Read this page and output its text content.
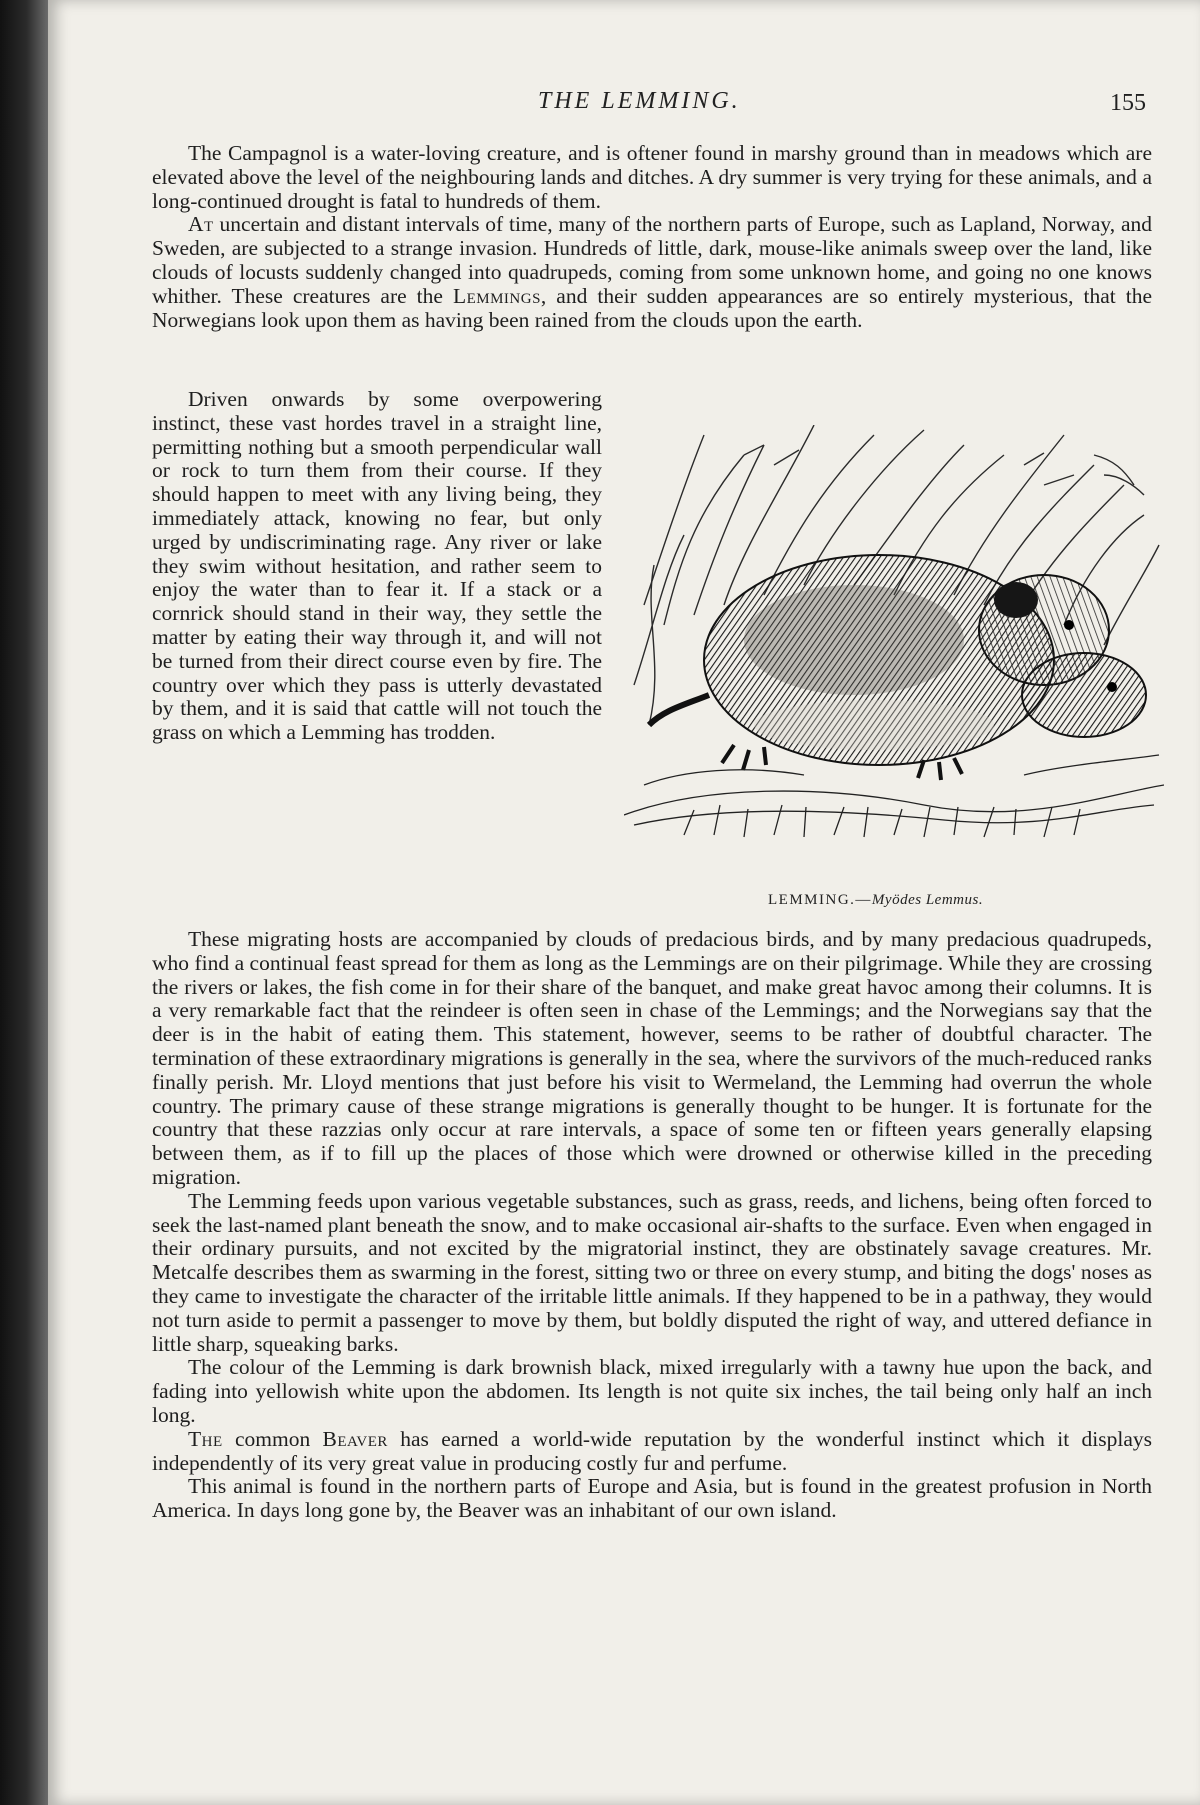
THE LEMMING.	155

The Campagnol is a water-loving creature, and is oftener found in marshy ground than in meadows which are elevated above the level of the neighbouring lands and ditches. A dry summer is very trying for these animals, and a long-continued drought is fatal to hundreds of them.

At uncertain and distant intervals of time, many of the northern parts of Europe, such as Lapland, Norway, and Sweden, are subjected to a strange invasion. Hundreds of little, dark, mouse-like animals sweep over the land, like clouds of locusts suddenly changed into quadrupeds, coming from some unknown home, and going no one knows whither. These creatures are the Lemmings, and their sudden appearances are so entirely mysterious, that the Norwegians look upon them as having been rained from the clouds upon the earth.

Driven onwards by some overpowering instinct, these vast hordes travel in a straight line, permitting nothing but a smooth perpendicular wall or rock to turn them from their course. If they should happen to meet with any living being, they immediately attack, knowing no fear, but only urged by undiscriminating rage. Any river or lake they swim without hesitation, and rather seem to enjoy the water than to fear it. If a stack or a cornrick should stand in their way, they settle the matter by eating their way through it, and will not be turned from their direct course even by fire. The country over which they pass is utterly devastated by them, and it is said that cattle will not touch the grass on which a Lemming has trodden.

LEMMING.—Myödes Lemmus.

These migrating hosts are accompanied by clouds of predacious birds, and by many predacious quadrupeds, who find a continual feast spread for them as long as the Lemmings are on their pilgrimage. While they are crossing the rivers or lakes, the fish come in for their share of the banquet, and make great havoc among their columns. It is a very remarkable fact that the reindeer is often seen in chase of the Lemmings; and the Norwegians say that the deer is in the habit of eating them. This statement, however, seems to be rather of doubtful character. The termination of these extraordinary migrations is generally in the sea, where the survivors of the much-reduced ranks finally perish. Mr. Lloyd mentions that just before his visit to Wermeland, the Lemming had overrun the whole country. The primary cause of these strange migrations is generally thought to be hunger. It is fortunate for the country that these razzias only occur at rare intervals, a space of some ten or fifteen years generally elapsing between them, as if to fill up the places of those which were drowned or otherwise killed in the preceding migration.

The Lemming feeds upon various vegetable substances, such as grass, reeds, and lichens, being often forced to seek the last-named plant beneath the snow, and to make occasional air-shafts to the surface. Even when engaged in their ordinary pursuits, and not excited by the migratorial instinct, they are obstinately savage creatures. Mr. Metcalfe describes them as swarming in the forest, sitting two or three on every stump, and biting the dogs' noses as they came to investigate the character of the irritable little animals. If they happened to be in a pathway, they would not turn aside to permit a passenger to move by them, but boldly disputed the right of way, and uttered defiance in little sharp, squeaking barks.

The colour of the Lemming is dark brownish black, mixed irregularly with a tawny hue upon the back, and fading into yellowish white upon the abdomen. Its length is not quite six inches, the tail being only half an inch long.

The common Beaver has earned a world-wide reputation by the wonderful instinct which it displays independently of its very great value in producing costly fur and perfume.

This animal is found in the northern parts of Europe and Asia, but is found in the greatest profusion in North America. In days long gone by, the Beaver was an inhabitant of our own island.
